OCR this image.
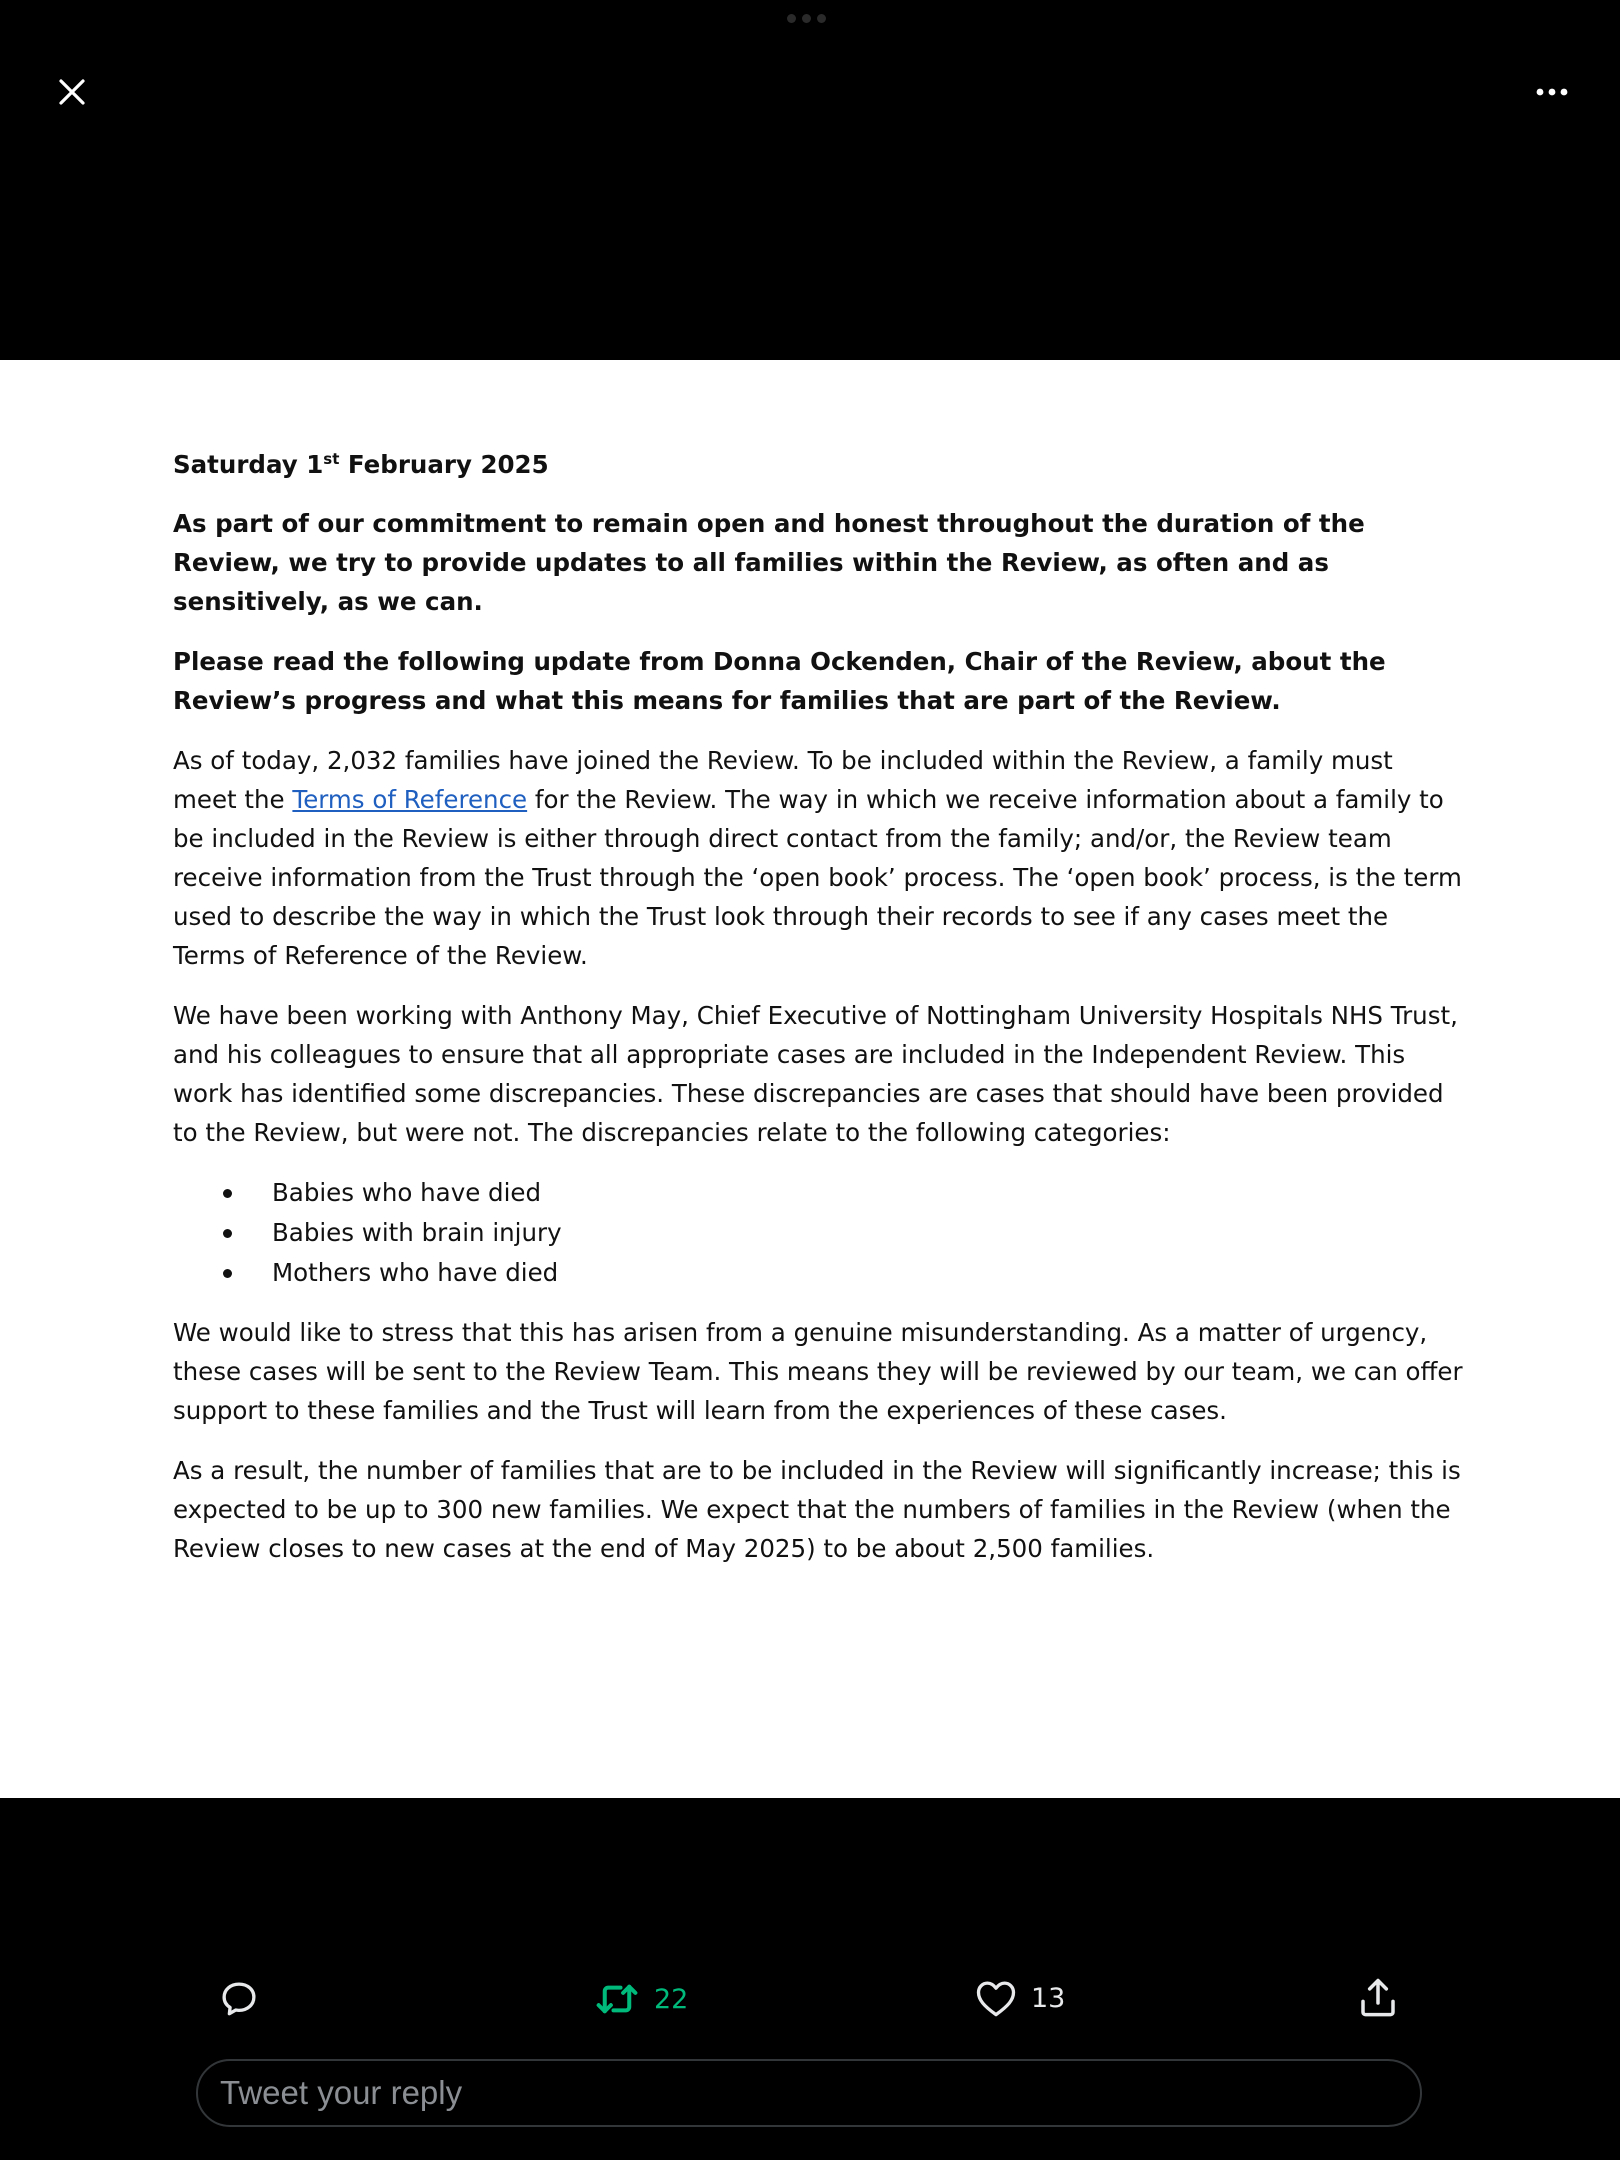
Saturday 1st February 2025

As part of our commitment to remain open and honest throughout the duration of the Review, we try to provide updates to all families within the Review, as often and as sensitively, as we can.

Please read the following update from Donna Ockenden, Chair of the Review, about the Review’s progress and what this means for families that are part of the Review.

As of today, 2,032 families have joined the Review. To be included within the Review, a family must meet the Terms of Reference for the Review. The way in which we receive information about a family to be included in the Review is either through direct contact from the family; and/or, the Review team receive information from the Trust through the ‘open book’ process. The ‘open book’ process, is the term used to describe the way in which the Trust look through their records to see if any cases meet the Terms of Reference of the Review.

We have been working with Anthony May, Chief Executive of Nottingham University Hospitals NHS Trust, and his colleagues to ensure that all appropriate cases are included in the Independent Review. This work has identified some discrepancies. These discrepancies are cases that should have been provided to the Review, but were not. The discrepancies relate to the following categories:

Babies who have died
Babies with brain injury
Mothers who have died

We would like to stress that this has arisen from a genuine misunderstanding. As a matter of urgency, these cases will be sent to the Review Team. This means they will be reviewed by our team, we can offer support to these families and the Trust will learn from the experiences of these cases.

As a result, the number of families that are to be included in the Review will significantly increase; this is expected to be up to 300 new families. We expect that the numbers of families in the Review (when the Review closes to new cases at the end of May 2025) to be about 2,500 families.

22	13
Tweet your reply
